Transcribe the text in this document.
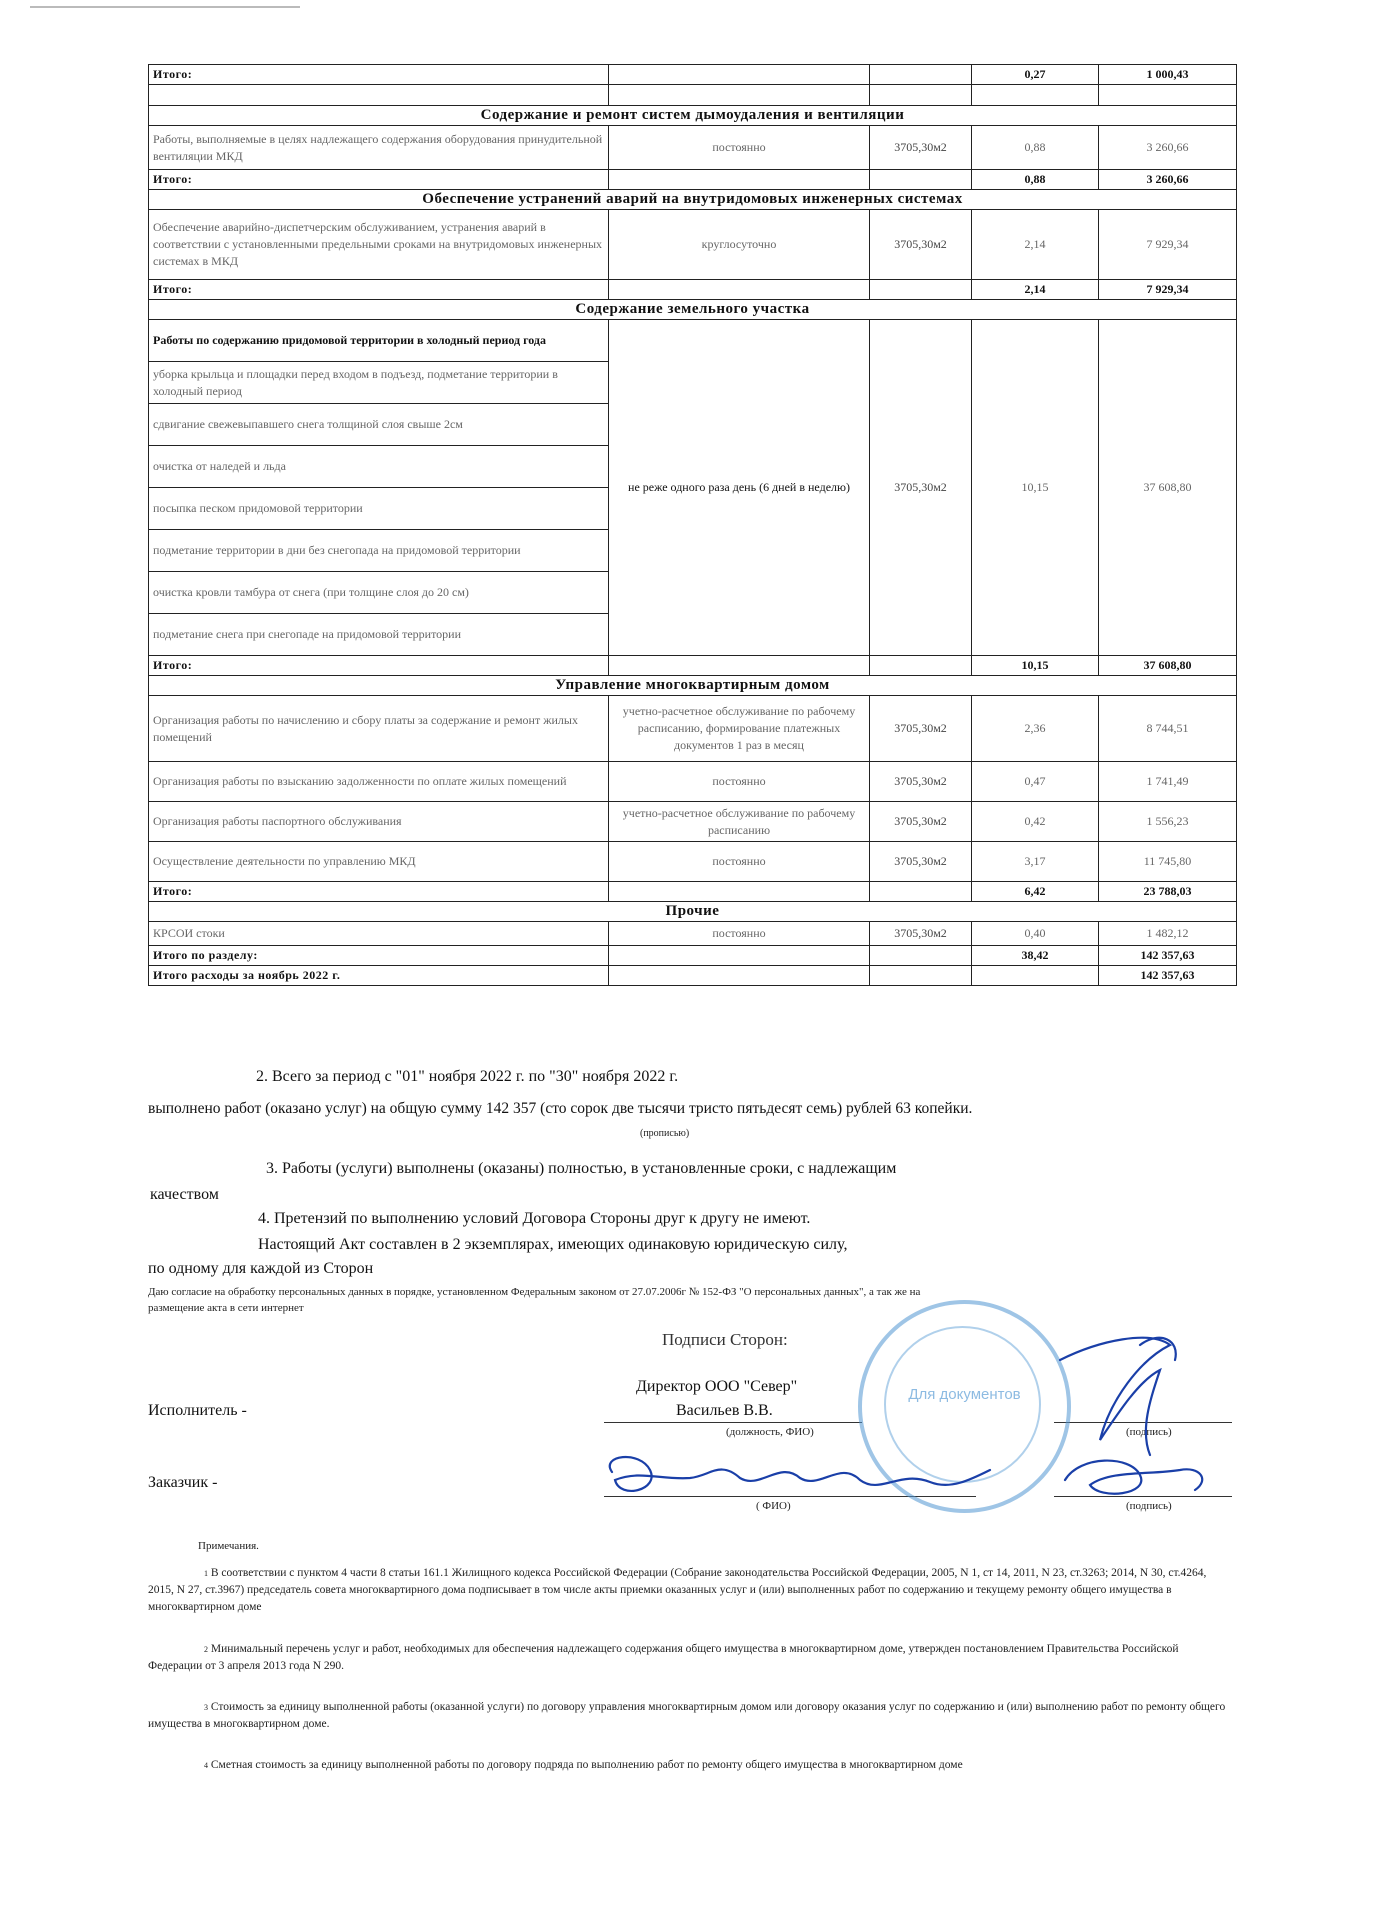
Итого:			0,27	1 000,43

Содержание и ремонт систем дымоудаления и вентиляции				
Работы, выполняемые в целях надлежащего содержания оборудования принудительной вентиляции МКД	постоянно	3705,30м2	0,88	3 260,66
Итого:			0,88	3 260,66
Обеспечение устранений аварий на внутридомовых инженерных системах				
Обеспечение аварийно-диспетчерским обслуживанием, устранения аварий в соответствии с установленными предельными сроками на внутридомовых инженерных системах в МКД	круглосуточно	3705,30м2	2,14	7 929,34
Итого:			2,14	7 929,34
Содержание земельного участка				
Работы по содержанию придомовой территории в холодный период года	не реже одного раза день (6 дней в неделю)	3705,30м2	10,15	37 608,80
уборка крыльца и площадки перед входом в подъезд, подметание территории в холодный период				
сдвигание свежевыпавшего снега толщиной слоя свыше 2см				
очистка от наледей и льда				
посыпка песком придомовой территории				
подметание территории в дни без снегопада на придомовой территории				
очистка кровли тамбура от снега (при толщине слоя до 20 см)				
подметание снега при снегопаде на придомовой территории				
Итого:			10,15	37 608,80
Управление многоквартирным домом				
Организация работы по начислению и сбору платы за содержание и ремонт жилых помещений	учетно-расчетное обслуживание по рабочему расписанию, формирование платежных документов 1 раз в месяц	3705,30м2	2,36	8 744,51
Организация работы по взысканию задолженности по оплате жилых помещений	постоянно	3705,30м2	0,47	1 741,49
Организация работы паспортного обслуживания	учетно-расчетное обслуживание по рабочему расписанию	3705,30м2	0,42	1 556,23
Осуществление деятельности по управлению МКД	постоянно	3705,30м2	3,17	11 745,80
Итого:			6,42	23 788,03
Прочие				
КРСОИ стоки	постоянно	3705,30м2	0,40	1 482,12
Итого по разделу:			38,42	142 357,63
Итого расходы за ноябрь 2022 г.				142 357,63
2. Всего за период с "01" ноября 2022 г. по "30" ноября 2022 г.
выполнено работ (оказано услуг) на общую сумму 142 357 (сто сорок две тысячи тристо пятьдесят семь) рублей 63 копейки.
(прописью)
3. Работы (услуги) выполнены (оказаны) полностью, в установленные сроки, с надлежащим
качеством
4. Претензий по выполнению условий Договора Стороны друг к другу не имеют.
Настоящий Акт составлен в 2 экземплярах, имеющих одинаковую юридическую силу,
по одному для каждой из Сторон
Даю согласие на обработку персональных данных в порядке, установленном Федеральным законом от 27.07.2006г № 152-ФЗ "О персональных данных", а так же на
размещение акта в сети интернет
Подписи Сторон:
Директор ООО "Север"
Исполнитель -	Васильев В.В.
(должность, ФИО)	(подпись)
Заказчик -
( ФИО)	(подпись)
Для документов
Примечания.
$^1$ В соответствии с пунктом 4 части 8 статьи 161.1 Жилищного кодекса Российской Федерации (Собрание законодательства Российской Федерации, 2005, N 1, ст 14, 2011, N 23, ст.3263; 2014, N 30, ст.4264, 2015, N 27, ст.3967) председатель совета многоквартирного дома подписывает в том числе акты приемки оказанных услуг и (или) выполненных работ по содержанию и текущему ремонту общего имущества в многоквартирном доме
$^2$ Минимальный перечень услуг и работ, необходимых для обеспечения надлежащего содержания общего имущества в многоквартирном доме, утвержден постановлением Правительства Российской Федерации от 3 апреля 2013 года N 290.
$^3$ Стоимость за единицу выполненной работы (оказанной услуги) по договору управления многоквартирным домом или договору оказания услуг по содержанию и (или) выполнению работ по ремонту общего имущества в многоквартирном доме.
$^4$ Сметная стоимость за единицу выполненной работы по договору подряда по выполнению работ по ремонту общего имущества в многоквартирном доме
